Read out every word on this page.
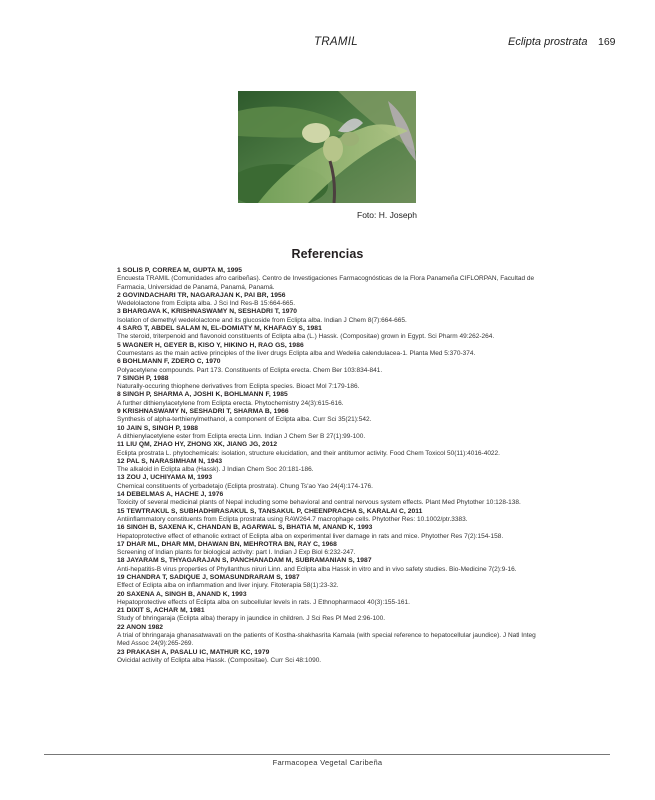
TRAMIL	Eclipta prostrata 169
Foto: H. Joseph
Referencias
1 SOLIS P, CORREA M, GUPTA M, 1995
Encuesta TRAMIL (Comunidades afro caribeñas). Centro de Investigaciones Farmacognósticas de la Flora Panameña CIFLORPAN, Facultad de Farmacia, Universidad de Panamá, Panamá, Panamá.
2 GOVINDACHARI TR, NAGARAJAN K, PAI BR, 1956
Wedelolactone from Eclipta alba. J Sci Ind Res-B 15:664-665.
3 BHARGAVA K, KRISHNASWAMY N, SESHADRI T, 1970
Isolation of demethyl wedelolactone and its glucoside from Eclipta alba. Indian J Chem 8(7):664-665.
4 SARG T, ABDEL SALAM N, EL-DOMIATY M, KHAFAGY S, 1981
The steroid, triterpenoid and flavonoid constituents of Eclipta alba (L.) Hassk. (Compositae) grown in Egypt. Sci Pharm 49:262-264.
5 WAGNER H, GEYER B, KISO Y, HIKINO H, RAO GS, 1986
Coumestans as the main active principles of the liver drugs Eclipta alba and Wedelia calendulacea-1. Planta Med 5:370-374.
6 BOHLMANN F, ZDERO C, 1970
Polyacetylene compounds. Part 173. Constituents of Eclipta erecta. Chem Ber 103:834-841.
7 SINGH P, 1988
Naturally-occuring thiophene derivatives from Eclipta species. Bioact Mol 7:179-186.
8 SINGH P, SHARMA A, JOSHI K, BOHLMANN F, 1985
A further dithienylacetylene from Eclipta erecta. Phytochemistry 24(3):615-616.
9 KRISHNASWAMY N, SESHADRI T, SHARMA B, 1966
Synthesis of alpha-terthienylmethanol, a component of Eclipta alba. Curr Sci 35(21):542.
10 JAIN S, SINGH P, 1988
A dithienylacetylene ester from Eclipta erecta Linn. Indian J Chem Ser B 27(1):99-100.
11 LIU QM, ZHAO HY, ZHONG XK, JIANG JG, 2012
Eclipta prostrata L. phytochemicals: isolation, structure elucidation, and their antitumor activity. Food Chem Toxicol 50(11):4016-4022.
12 PAL S, NARASIMHAM N, 1943
The alkaloid in Eclipta alba (Hassk). J Indian Chem Soc 20:181-186.
13 ZOU J, UCHIYAMA M, 1993
Chemical constituents of ycrbadetajo (Eclipta prostrata). Chung Ts'ao Yao 24(4):174-176.
14 DEBELMAS A, HACHE J, 1976
Toxicity of several medicinal plants of Nepal including some behavioral and central nervous system effects. Plant Med Phytother 10:128-138.
15 TEWTRAKUL S, SUBHADHIRASAKUL S, TANSAKUL P, CHEENPRACHA S, KARALAI C, 2011
Antiinflammatory constituents from Eclipta prostrata using RAW264.7 macrophage cells. Phytother Res: 10.1002/ptr.3383.
16 SINGH B, SAXENA K, CHANDAN B, AGARWAL S, BHATIA M, ANAND K, 1993
Hepatoprotective effect of ethanolic extract of Eclipta alba on experimental liver damage in rats and mice. Phytother Res 7(2):154-158.
17 DHAR ML, DHAR MM, DHAWAN BN, MEHROTRA BN, RAY C, 1968
Screening of Indian plants for biological activity: part I. Indian J Exp Biol 6:232-247.
18 JAYARAM S, THYAGARAJAN S, PANCHANADAM M, SUBRAMANIAN S, 1987
Anti-hepatitis-B virus properties of Phyllanthus niruri Linn. and Eclipta alba Hassk in vitro and in vivo safety studies. Bio-Medicine 7(2):9-16.
19 CHANDRA T, SADIQUE J, SOMASUNDRARAM S, 1987
Effect of Eclipta alba on inflammation and liver injury. Fitoterapia 58(1):23-32.
20 SAXENA A, SINGH B, ANAND K, 1993
Hepatoprotective effects of Eclipta alba on subcellular levels in rats. J Ethnopharmacol 40(3):155-161.
21 DIXIT S, ACHAR M, 1981
Study of bhringaraja (Eclipta alba) therapy in jaundice in children. J Sci Res Pl Med 2:96-100.
22 ANON 1982
A trial of bhringaraja ghanasatwavati on the patients of Kostha-shakhasrita Kamala (with special reference to hepatocellular jaundice). J Natl Integ Med Assoc 24(9):265-269.
23 PRAKASH A, PASALU IC, MATHUR KC, 1979
Ovicidal activity of Eclipta alba Hassk. (Compositae). Curr Sci 48:1090.
Farmacopea Vegetal Caribeña
